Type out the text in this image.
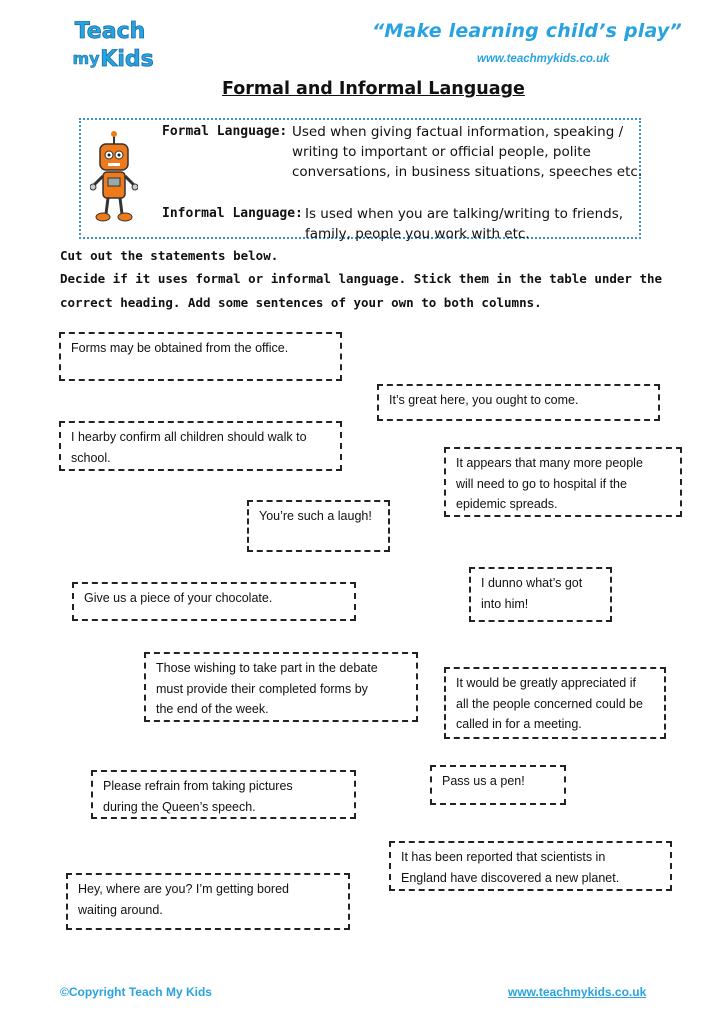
Teach
my Kids
“Make learning child’s play”
www.teachmykids.co.uk
Formal and Informal Language
Formal Language: Used when giving factual information, speaking /
writing to important or official people, polite
conversations, in business situations, speeches etc.
Informal Language: Is used when you are talking/writing to friends,
family, people you work with etc.
Cut out the statements below.
Decide if it uses formal or informal language. Stick them in the table under the
correct heading. Add some sentences of your own to both columns.
Forms may be obtained from the office.
It’s great here, you ought to come.
I hearby confirm all children should walk to
school.	It appears that many more people
will need to go to hospital if the
epidemic spreads.
You’re such a laugh!
I dunno what’s got
into him!
Give us a piece of your chocolate.
Those wishing to take part in the debate
must provide their completed forms by
the end of the week.
It would be greatly appreciated if
all the people concerned could be
called in for a meeting.
Please refrain from taking pictures
during the Queen’s speech.
Pass us a pen!
It has been reported that scientists in
England have discovered a new planet.
Hey, where are you? I’m getting bored
waiting around.
©Copyright Teach My Kids	www.teachmykids.co.uk
